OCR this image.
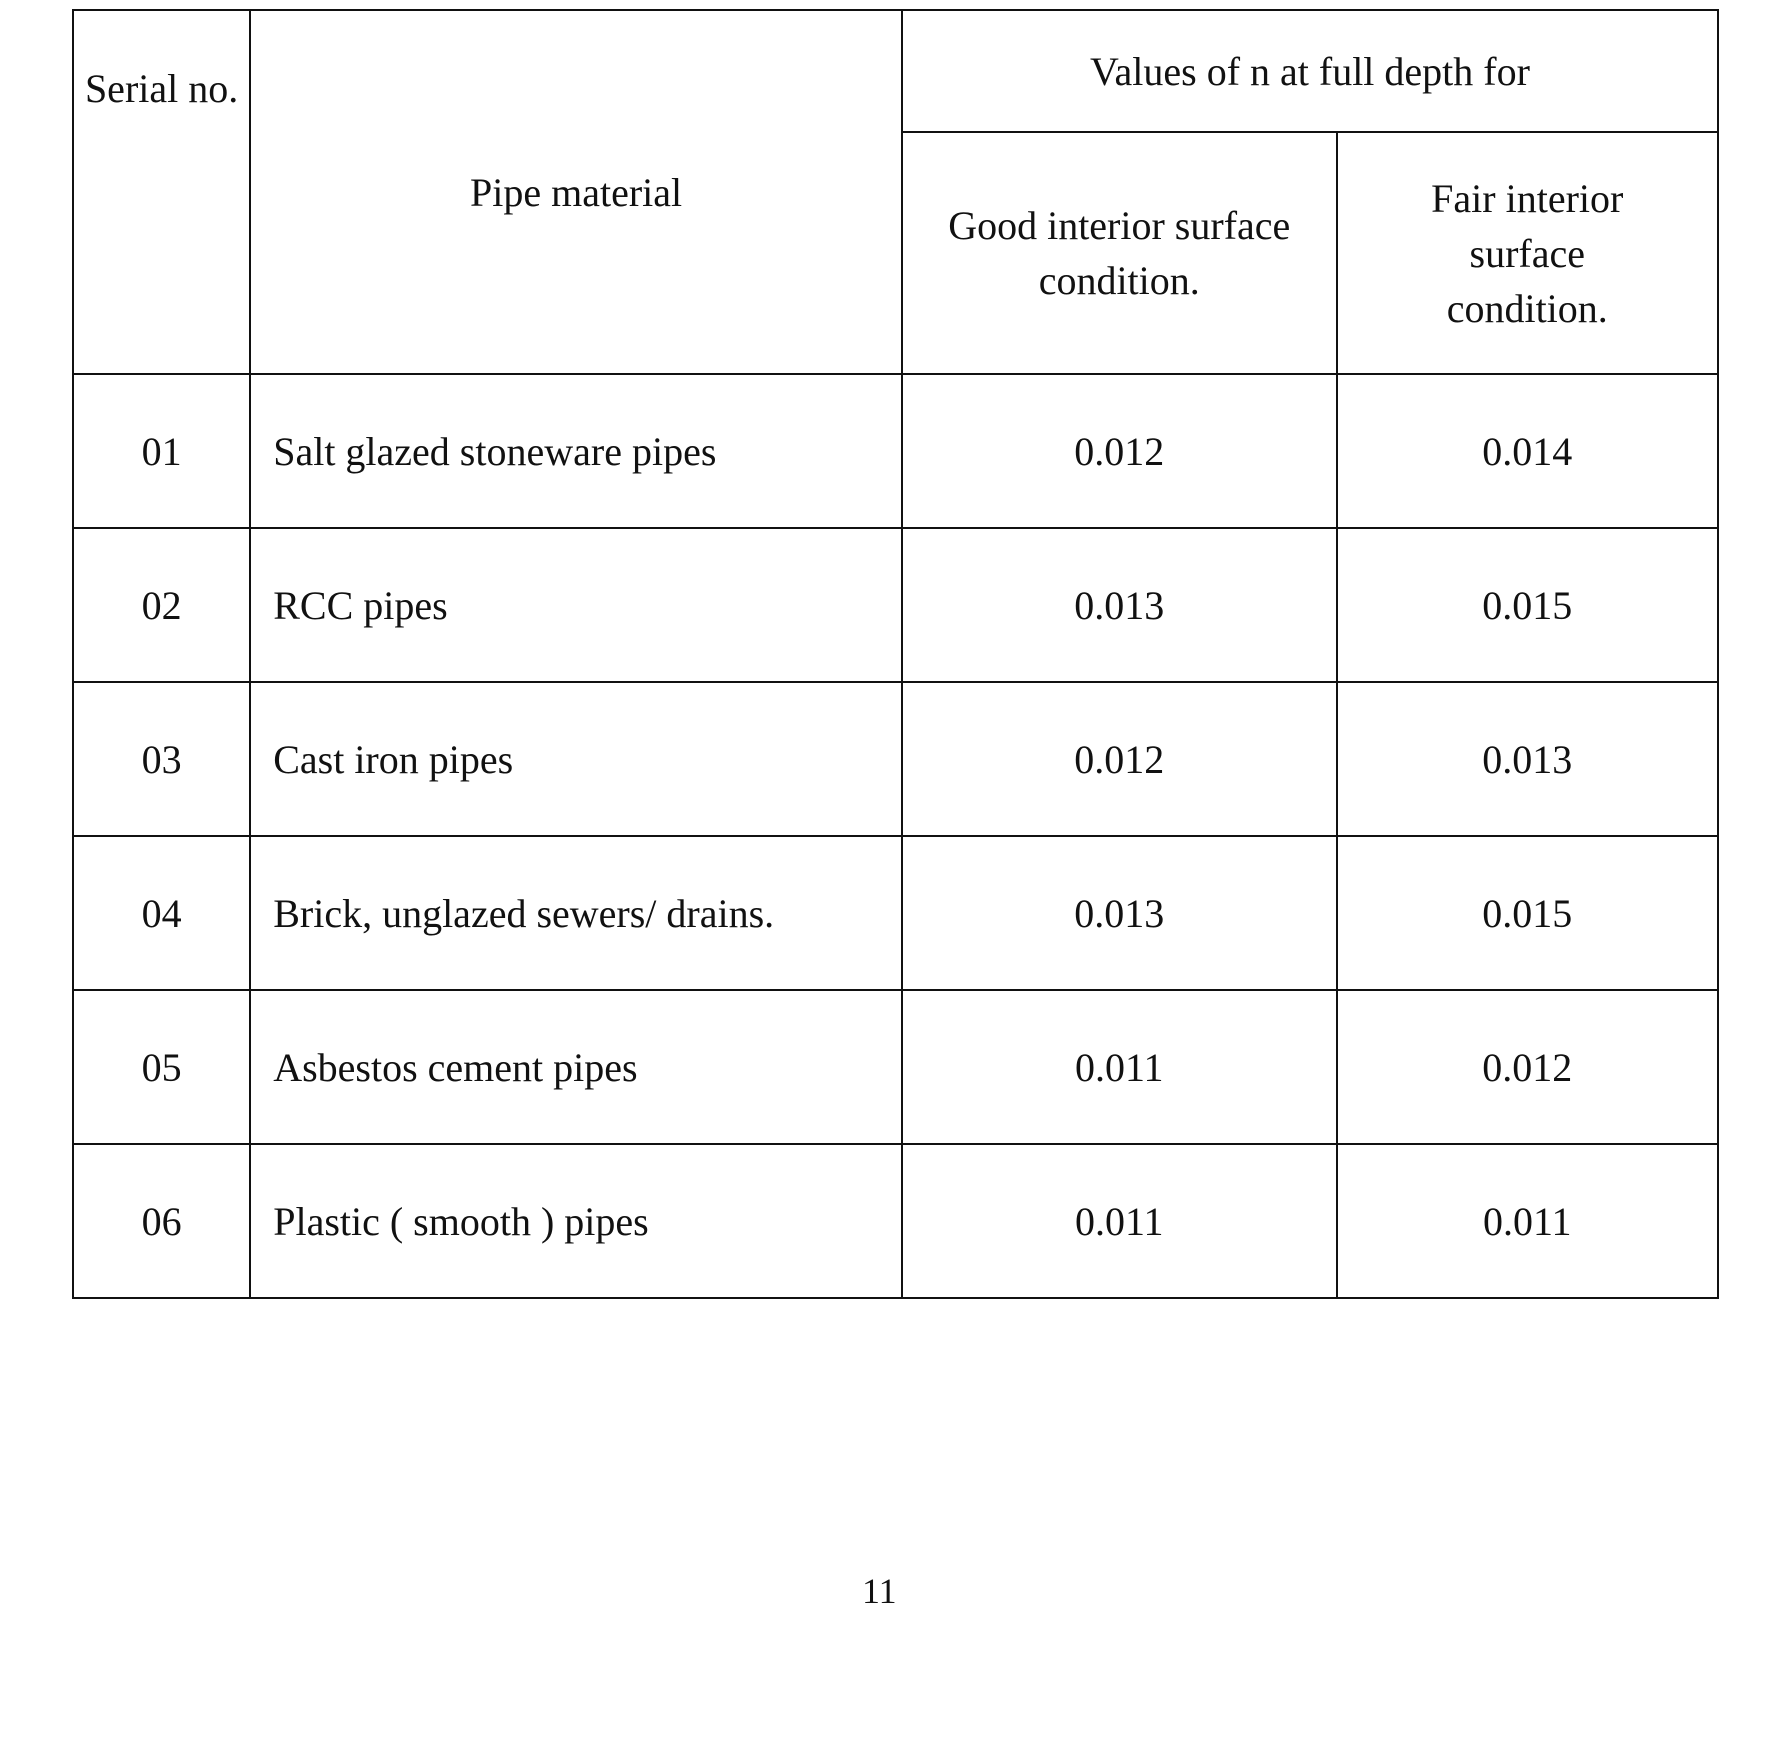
Serial no.	Pipe material	Values of n at full depth for	
		Good interior surface condition.	Fair interior surface condition.
01	Salt glazed stoneware pipes	0.012	0.014
02	RCC pipes	0.013	0.015
03	Cast iron pipes	0.012	0.013
04	Brick, unglazed sewers/ drains.	0.013	0.015
05	Asbestos cement pipes	0.011	0.012
06	Plastic ( smooth ) pipes	0.011	0.011
11
